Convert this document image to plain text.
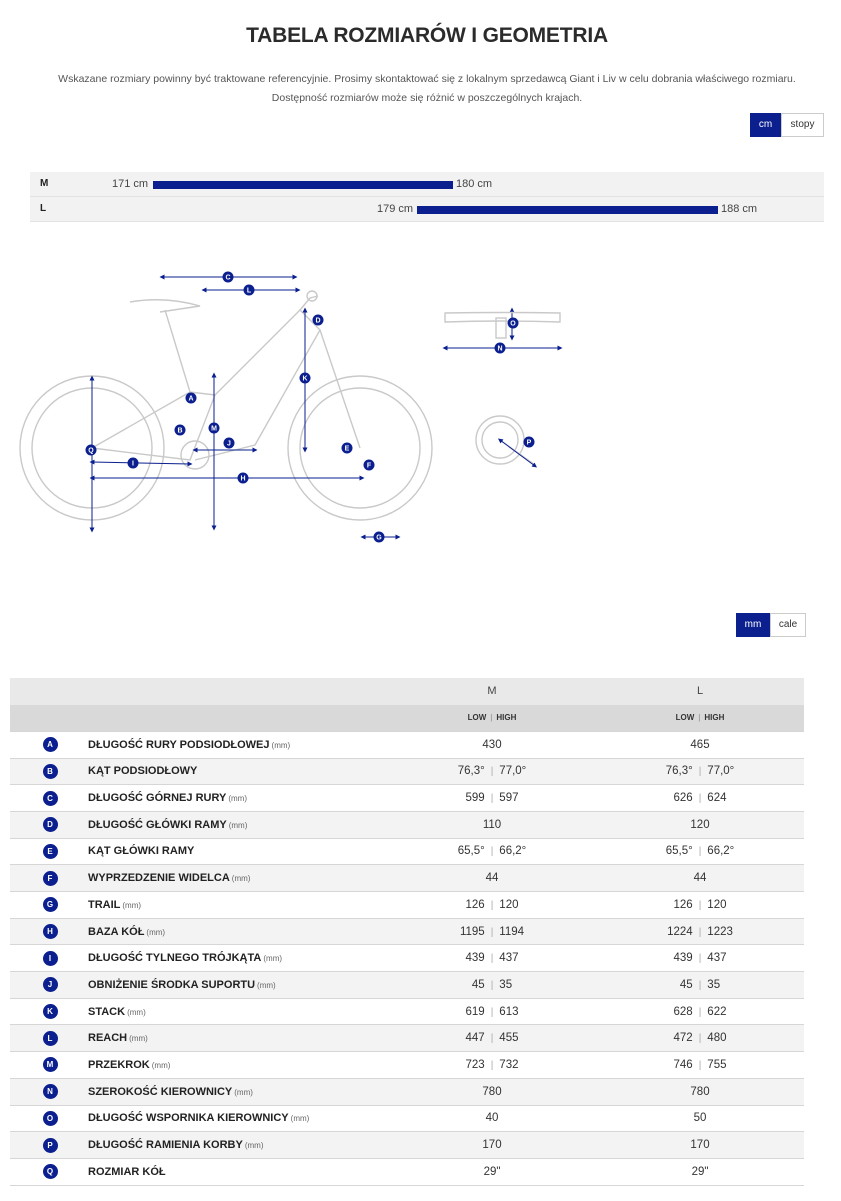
TABELA ROZMIARÓW I GEOMETRIA
Wskazane rozmiary powinny być traktowane referencyjnie. Prosimy skontaktować się z lokalnym sprzedawcą Giant i Liv w celu dobrania właściwego rozmiaru.
Dostępność rozmiarów może się różnić w poszczególnych krajach.
cm	stopy
M	171 cm	180 cm
L	179 cm	188 cm
A
B
C
D
E
F
G
H
I
J
K
L
M
N
O
P
Q
mm	cale
		M	L
		LOW | HIGH	LOW | HIGH
A	DŁUGOŚĆ RURY PODSIODŁOWEJ (mm)	430	465
B	KĄT PODSIODŁOWY	76,3° | 77,0°	76,3° | 77,0°
C	DŁUGOŚĆ GÓRNEJ RURY (mm)	599 | 597	626 | 624
D	DŁUGOŚĆ GŁÓWKI RAMY (mm)	110	120
E	KĄT GŁÓWKI RAMY	65,5° | 66,2°	65,5° | 66,2°
F	WYPRZEDZENIE WIDELCA (mm)	44	44
G	TRAIL (mm)	126 | 120	126 | 120
H	BAZA KÓŁ (mm)	1195 | 1194	1224 | 1223
I	DŁUGOŚĆ TYLNEGO TRÓJKĄTA (mm)	439 | 437	439 | 437
J	OBNIŻENIE ŚRODKA SUPORTU (mm)	45 | 35	45 | 35
K	STACK (mm)	619 | 613	628 | 622
L	REACH (mm)	447 | 455	472 | 480
M	PRZEKROK (mm)	723 | 732	746 | 755
N	SZEROKOŚĆ KIEROWNICY (mm)	780	780
O	DŁUGOŚĆ WSPORNIKA KIEROWNICY (mm)	40	50
P	DŁUGOŚĆ RAMIENIA KORBY (mm)	170	170
Q	ROZMIAR KÓŁ	29"	29"
